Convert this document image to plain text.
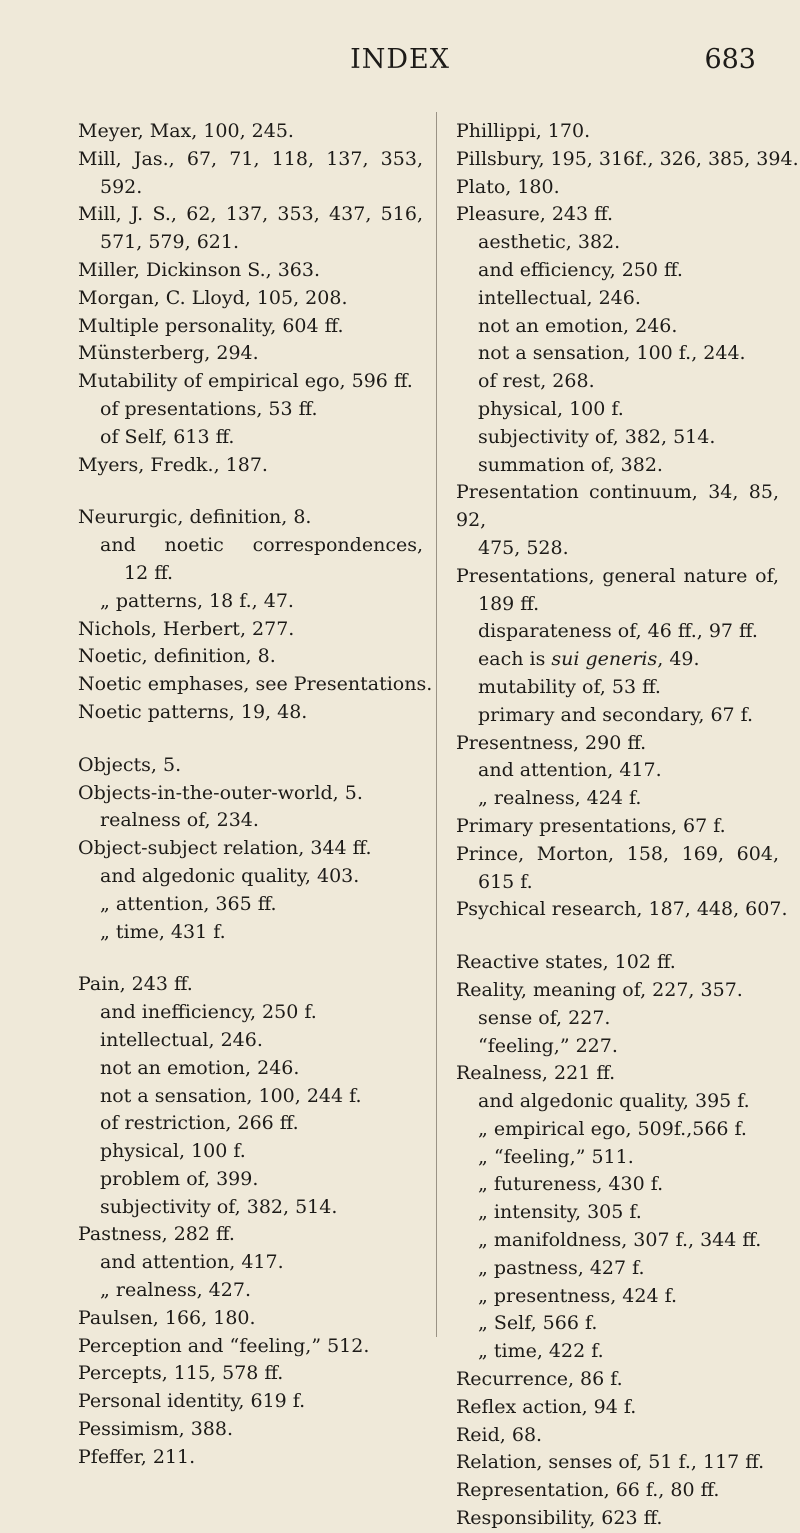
INDEX	683
Meyer, Max, 100, 245.
Mill, Jas., 67, 71, 118, 137, 353,
592.
Mill, J. S., 62, 137, 353, 437, 516,
571, 579, 621.
Miller, Dickinson S., 363.
Morgan, C. Lloyd, 105, 208.
Multiple personality, 604 ff.
Münsterberg, 294.
Mutability of empirical ego, 596 ff.
of presentations, 53 ff.
of Self, 613 ff.
Myers, Fredk., 187.
Neururgic, definition, 8.
and noetic correspondences,
12 ff.
„ patterns, 18 f., 47.
Nichols, Herbert, 277.
Noetic, definition, 8.
Noetic emphases, see Presentations.
Noetic patterns, 19, 48.
Objects, 5.
Objects-in-the-outer-world, 5.
realness of, 234.
Object-subject relation, 344 ff.
and algedonic quality, 403.
„ attention, 365 ff.
„ time, 431 f.
Pain, 243 ff.
and inefficiency, 250 f.
intellectual, 246.
not an emotion, 246.
not a sensation, 100, 244 f.
of restriction, 266 ff.
physical, 100 f.
problem of, 399.
subjectivity of, 382, 514.
Pastness, 282 ff.
and attention, 417.
„ realness, 427.
Paulsen, 166, 180.
Perception and “feeling,” 512.
Percepts, 115, 578 ff.
Personal identity, 619 f.
Pessimism, 388.
Pfeffer, 211.
Phillippi, 170.
Pillsbury, 195, 316f., 326, 385, 394.
Plato, 180.
Pleasure, 243 ff.
aesthetic, 382.
and efficiency, 250 ff.
intellectual, 246.
not an emotion, 246.
not a sensation, 100 f., 244.
of rest, 268.
physical, 100 f.
subjectivity of, 382, 514.
summation of, 382.
Presentation continuum, 34, 85, 92,
475, 528.
Presentations, general nature of,
189 ff.
disparateness of, 46 ff., 97 ff.
each is sui generis, 49.
mutability of, 53 ff.
primary and secondary, 67 f.
Presentness, 290 ff.
and attention, 417.
„ realness, 424 f.
Primary presentations, 67 f.
Prince, Morton, 158, 169, 604,
615 f.
Psychical research, 187, 448, 607.
Reactive states, 102 ff.
Reality, meaning of, 227, 357.
sense of, 227.
“feeling,” 227.
Realness, 221 ff.
and algedonic quality, 395 f.
„ empirical ego, 509f.,566 f.
„ “feeling,” 511.
„ futureness, 430 f.
„ intensity, 305 f.
„ manifoldness, 307 f., 344 ff.
„ pastness, 427 f.
„ presentness, 424 f.
„ Self, 566 f.
„ time, 422 f.
Recurrence, 86 f.
Reflex action, 94 f.
Reid, 68.
Relation, senses of, 51 f., 117 ff.
Representation, 66 f., 80 ff.
Responsibility, 623 ff.
